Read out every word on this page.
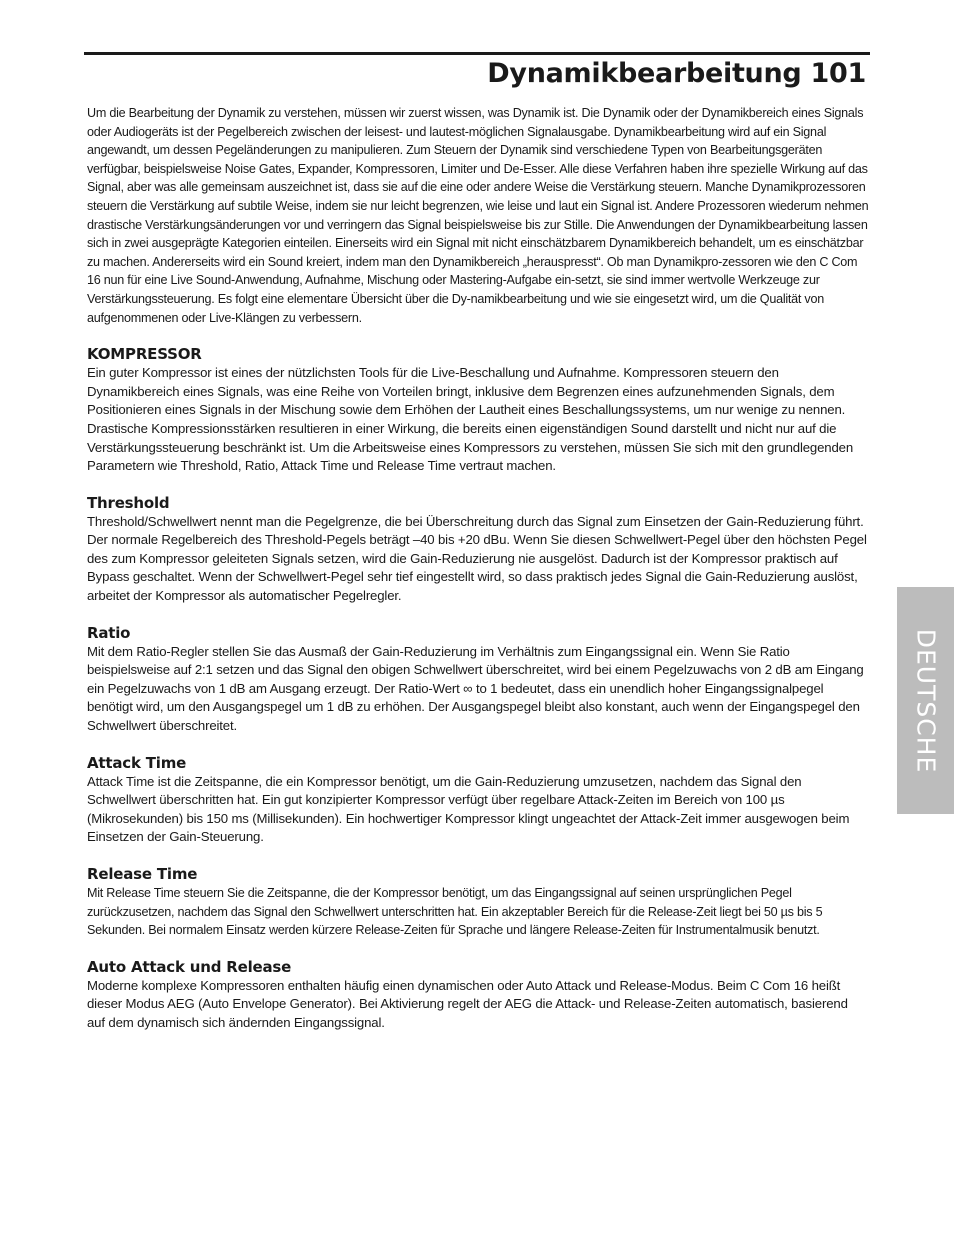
Dynamikbearbeitung 101

Um die Bearbeitung der Dynamik zu verstehen, müssen wir zuerst wissen, was Dynamik ist. Die Dynamik oder der Dynamikbereich eines Signals oder Audiogeräts ist der Pegelbereich zwischen der leisest- und lautest-möglichen Signalausgabe. Dynamikbearbeitung wird auf ein Signal angewandt, um dessen Pegeländerungen zu manipulieren. Zum Steuern der Dynamik sind verschiedene Typen von Bearbeitungsgeräten verfügbar, beispielsweise Noise Gates, Expander, Kompressoren, Limiter und De-Esser. Alle diese Verfahren haben ihre spezielle Wirkung auf das Signal, aber was alle gemeinsam auszeichnet ist, dass sie auf die eine oder andere Weise die Verstärkung steuern. Manche Dynamikprozessoren steuern die Verstärkung auf subtile Weise, indem sie nur leicht begrenzen, wie leise und laut ein Signal ist. Andere Prozessoren wiederum nehmen drastische Verstärkungsänderungen vor und verringern das Signal beispielsweise bis zur Stille. Die Anwendungen der Dynamikbearbeitung lassen sich in zwei ausgeprägte Kategorien einteilen. Einerseits wird ein Signal mit nicht einschätzbarem Dynamikbereich behandelt, um es einschätzbar zu machen. Andererseits wird ein Sound kreiert, indem man den Dynamikbereich „herauspresst“. Ob man Dynamikpro-zessoren wie den C Com 16 nun für eine Live Sound-Anwendung, Aufnahme, Mischung oder Mastering-Aufgabe ein-setzt, sie sind immer wertvolle Werkzeuge zur Verstärkungssteuerung. Es folgt eine elementare Übersicht über die Dy-namikbearbeitung und wie sie eingesetzt wird, um die Qualität von aufgenommenen oder Live-Klängen zu verbessern.

KOMPRESSOR

Ein guter Kompressor ist eines der nützlichsten Tools für die Live-Beschallung und Aufnahme. Kompressoren steuern den Dynamikbereich eines Signals, was eine Reihe von Vorteilen bringt, inklusive dem Begrenzen eines aufzunehmenden Signals, dem Positionieren eines Signals in der Mischung sowie dem Erhöhen der Lautheit eines Beschallungssystems, um nur wenige zu nennen. Drastische Kompressionsstärken resultieren in einer Wirkung, die bereits einen eigenständigen Sound darstellt und nicht nur auf die Verstärkungssteuerung beschränkt ist. Um die Arbeitsweise eines Kompressors zu verstehen, müssen Sie sich mit den grundlegenden Parametern wie Threshold, Ratio, Attack Time und Release Time vertraut machen.

Threshold

Threshold/Schwellwert nennt man die Pegelgrenze, die bei Überschreitung durch das Signal zum Einsetzen der Gain-Reduzierung führt. Der normale Regelbereich des Threshold-Pegels beträgt –40 bis +20 dBu. Wenn Sie diesen Schwellwert-Pegel über den höchsten Pegel des zum Kompressor geleiteten Signals setzen, wird die Gain-Reduzierung nie ausgelöst. Dadurch ist der Kompressor praktisch auf Bypass geschaltet. Wenn der Schwellwert-Pegel sehr tief eingestellt wird, so dass praktisch jedes Signal die Gain-Reduzierung auslöst, arbeitet der Kompressor als automatischer Pegelregler.

Ratio

Mit dem Ratio-Regler stellen Sie das Ausmaß der Gain-Reduzierung im Verhältnis zum Eingangssignal ein. Wenn Sie Ratio beispielsweise auf 2:1 setzen und das Signal den obigen Schwellwert überschreitet, wird bei einem Pegelzuwachs von 2 dB am Eingang ein Pegelzuwachs von 1 dB am Ausgang erzeugt. Der Ratio-Wert ∞ to 1 bedeutet, dass ein unendlich hoher Eingangssignalpegel benötigt wird, um den Ausgangspegel um 1 dB zu erhöhen. Der Ausgangspegel bleibt also konstant, auch wenn der Eingangspegel den Schwellwert überschreitet.

Attack Time

Attack Time ist die Zeitspanne, die ein Kompressor benötigt, um die Gain-Reduzierung umzusetzen, nachdem das Signal den Schwellwert überschritten hat. Ein gut konzipierter Kompressor verfügt über regelbare Attack-Zeiten im Bereich von 100 µs (Mikrosekunden) bis 150 ms (Millisekunden). Ein hochwertiger Kompressor klingt ungeachtet der Attack-Zeit immer ausgewogen beim Einsetzen der Gain-Steuerung.

Release Time

Mit Release Time steuern Sie die Zeitspanne, die der Kompressor benötigt, um das Eingangssignal auf seinen ursprünglichen Pegel zurückzusetzen, nachdem das Signal den Schwellwert unterschritten hat. Ein akzeptabler Bereich für die Release-Zeit liegt bei 50 µs bis 5 Sekunden. Bei normalem Einsatz werden kürzere Release-Zeiten für Sprache und längere Release-Zeiten für Instrumentalmusik benutzt.

Auto Attack und Release

Moderne komplexe Kompressoren enthalten häufig einen dynamischen oder Auto Attack und Release-Modus. Beim C Com 16 heißt dieser Modus AEG (Auto Envelope Generator). Bei Aktivierung regelt der AEG die Attack- und Release-Zeiten automatisch, basierend auf dem dynamisch sich ändernden Eingangssignal.

DEUTSCHE
